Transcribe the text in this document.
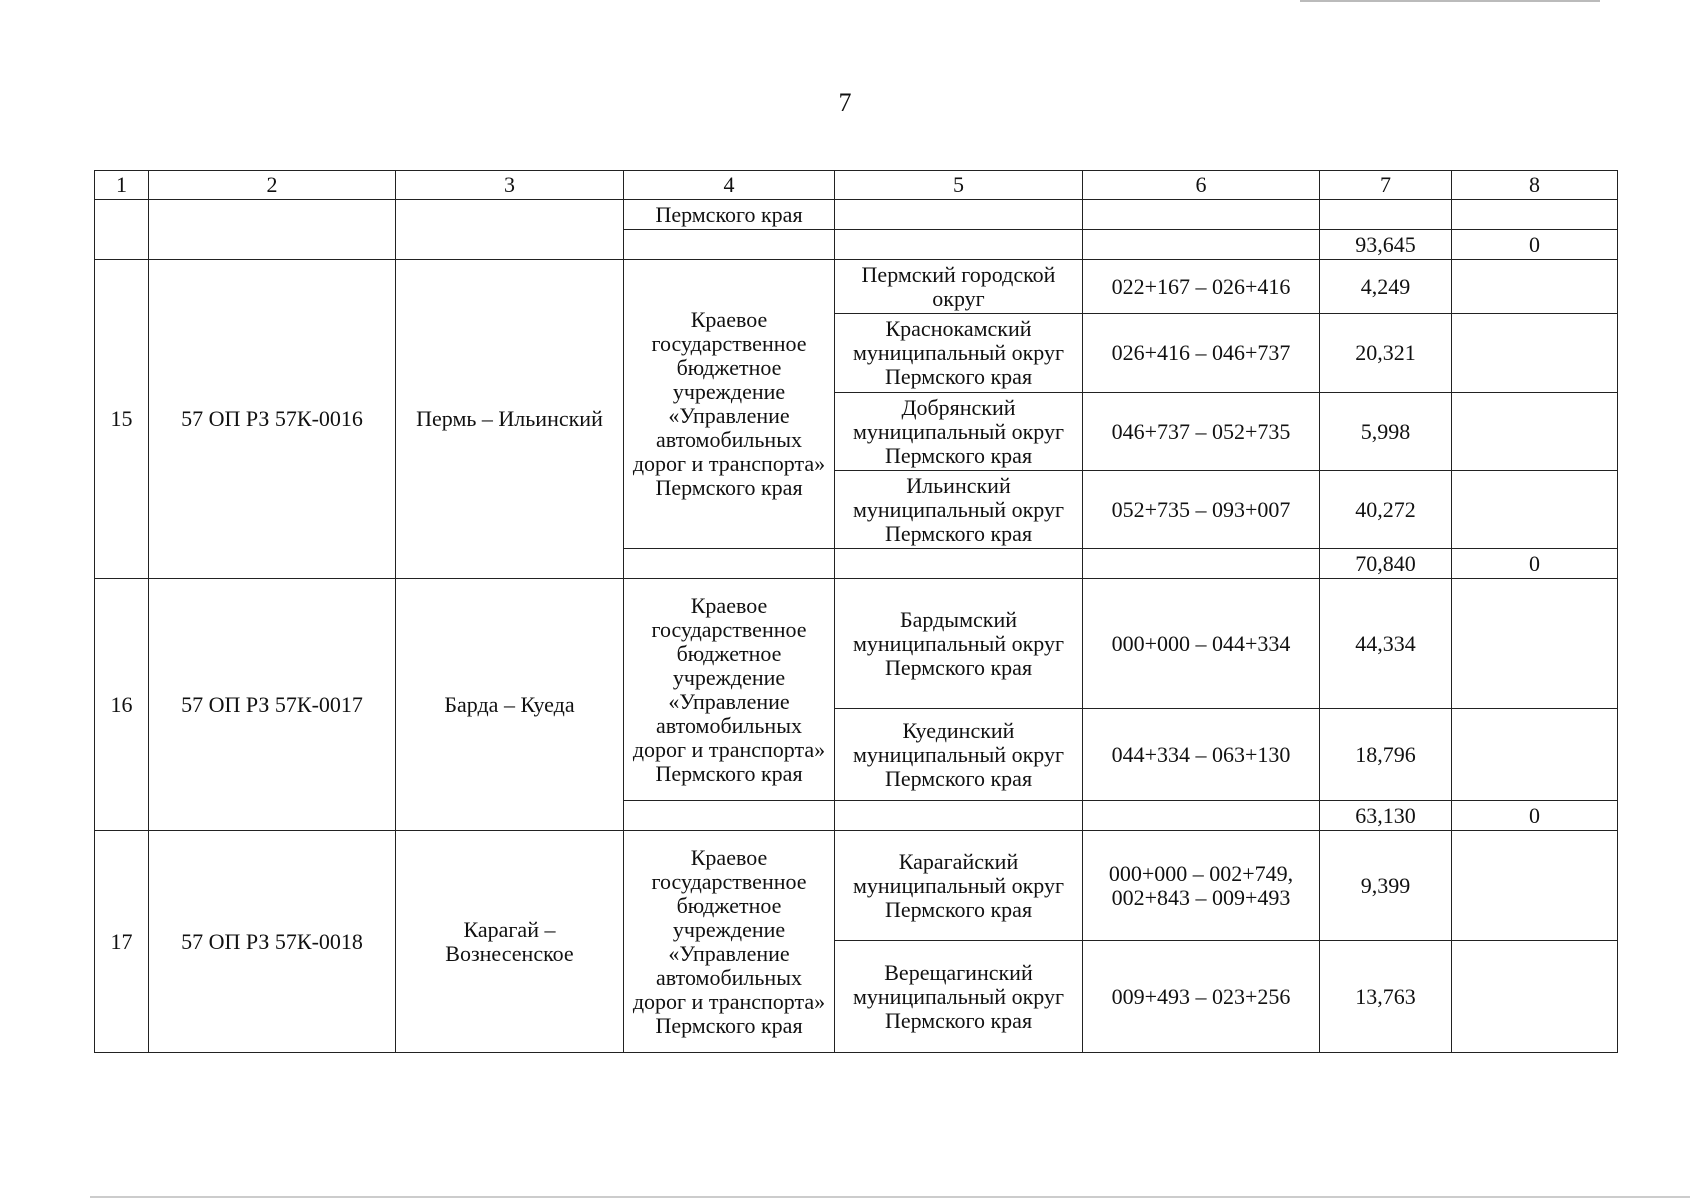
7
1	2	3	4	5	6	7	8
			Пермского края				
						93,645	0
15	57 ОП РЗ 57К-0016	Пермь – Ильинский	Краевое государственное бюджетное учреждение «Управление автомобильных дорог и транспорта» Пермского края	Пермский городской округ	022+167 – 026+416	4,249	
				Краснокамский муниципальный округ Пермского края	026+416 – 046+737	20,321	
				Добрянский муниципальный округ Пермского края	046+737 – 052+735	5,998	
				Ильинский муниципальный округ Пермского края	052+735 – 093+007	40,272	
						70,840	0
16	57 ОП РЗ 57К-0017	Барда – Куеда	Краевое государственное бюджетное учреждение «Управление автомобильных дорог и транспорта» Пермского края	Бардымский муниципальный округ Пермского края	000+000 – 044+334	44,334	
				Куединский муниципальный округ Пермского края	044+334 – 063+130	18,796	
						63,130	0
17	57 ОП РЗ 57К-0018	Карагай – Вознесенское	Краевое государственное бюджетное учреждение «Управление автомобильных дорог и транспорта» Пермского края	Карагайский муниципальный округ Пермского края	000+000 – 002+749, 002+843 – 009+493	9,399	
				Верещагинский муниципальный округ Пермского края	009+493 – 023+256	13,763	
